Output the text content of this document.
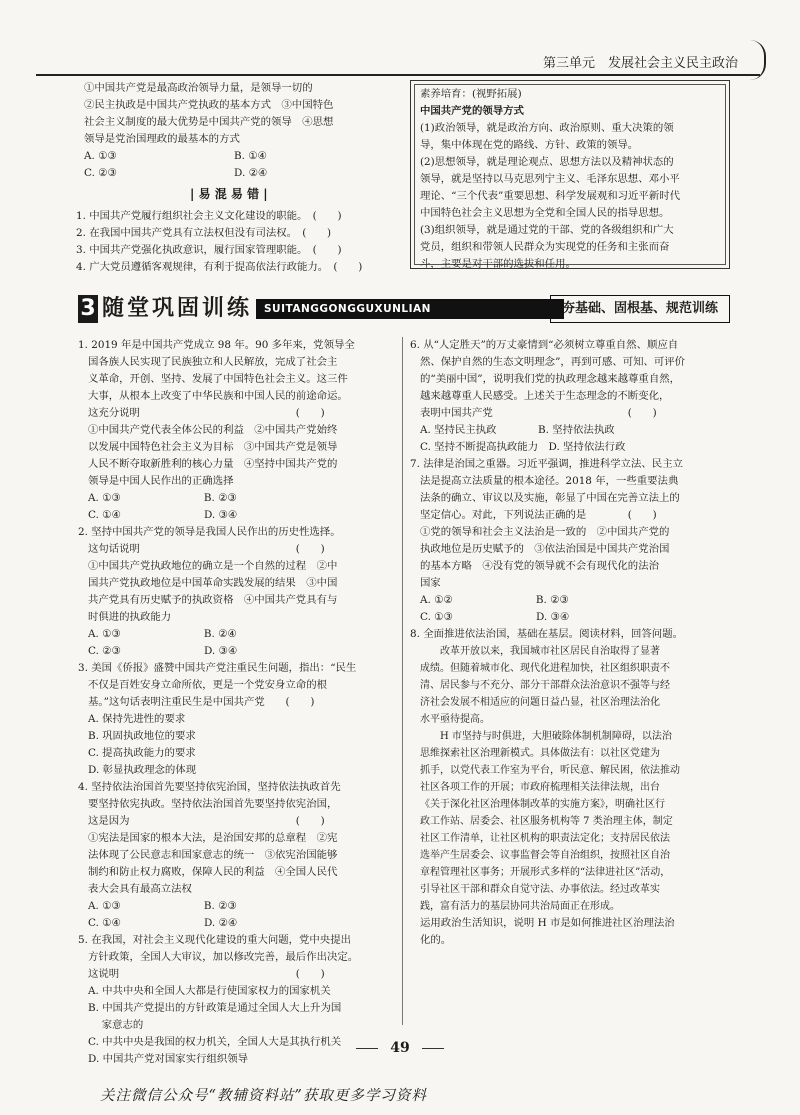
第三单元　发展社会主义民主政治
①中国共产党是最高政治领导力量，是领导一切的
②民主执政是中国共产党执政的基本方式　③中国特色
社会主义制度的最大优势是中国共产党的领导　④思想
领导是党治国理政的最基本的方式
A. ①③	B. ①④
C. ②③	D. ②④
| 易 混 易 错 |
1. 中国共产党履行组织社会主义文化建设的职能。　(　　)
2. 在我国中国共产党具有立法权但没有司法权。　(　　)
3. 中国共产党强化执政意识，履行国家管理职能。　(　　)
4. 广大党员遵循客观规律，有利于提高依法行政能力。　(　　)
素养培育：(视野拓展)
中国共产党的领导方式
(1)政治领导，就是政治方向、政治原则、重大决策的领
导，集中体现在党的路线、方针、政策的领导。
(2)思想领导，就是理论观点、思想方法以及精神状态的
领导，就是坚持以马克思列宁主义、毛泽东思想、邓小平
理论、“三个代表”重要思想、科学发展观和习近平新时代
中国特色社会主义思想为全党和全国人民的指导思想。
(3)组织领导，就是通过党的干部、党的各级组织和广大
党员，组织和带领人民群众为实现党的任务和主张而奋
斗，主要是对干部的选拔和任用。
3 随堂巩固训练	SUITANGGONGGUXUNLIAN	夯基础、固根基、规范训练
1. 2019 年是中国共产党成立 98 年。90 多年来，党领导全
国各族人民实现了民族独立和人民解放，完成了社会主
义革命，开创、坚持、发展了中国特色社会主义。这三件
大事，从根本上改变了中华民族和中国人民的前途命运。
这充分说明　　　　　　　　　　　　　　　(　　)
①中国共产党代表全体公民的利益　②中国共产党始终
以发展中国特色社会主义为目标　③中国共产党是领导
人民不断夺取新胜利的核心力量　④坚持中国共产党的
领导是中国人民作出的正确选择
A. ①③　　　　　　　　B. ②③
C. ①④　　　　　　　　D. ③④
2. 坚持中国共产党的领导是我国人民作出的历史性选择。
这句话说明　　　　　　　　　　　　　　　(　　)
①中国共产党执政地位的确立是一个自然的过程　②中
国共产党执政地位是中国革命实践发展的结果　③中国
共产党具有历史赋予的执政资格　④中国共产党具有与
时俱进的执政能力
A. ①③　　　　　　　　B. ②④
C. ②③　　　　　　　　D. ③④
3. 美国《侨报》盛赞中国共产党注重民生问题，指出：“民生
不仅是百姓安身立命所依，更是一个党安身立命的根
基。”这句话表明注重民生是中国共产党　　(　　)
A. 保持先进性的要求
B. 巩固执政地位的要求
C. 提高执政能力的要求
D. 彰显执政理念的体现
4. 坚持依法治国首先要坚持依宪治国，坚持依法执政首先
要坚持依宪执政。坚持依法治国首先要坚持依宪治国，
这是因为　　　　　　　　　　　　　　　　(　　)
①宪法是国家的根本大法，是治国安邦的总章程　②宪
法体现了公民意志和国家意志的统一　③依宪治国能够
制约和防止权力腐败，保障人民的利益　④全国人民代
表大会具有最高立法权
A. ①③　　　　　　　　B. ②③
C. ①④　　　　　　　　D. ②④
5. 在我国，对社会主义现代化建设的重大问题，党中央提出
方针政策，全国人大审议，加以修改完善，最后作出决定。
这说明　　　　　　　　　　　　　　　　　(　　)
A. 中共中央和全国人大都是行使国家权力的国家机关
B. 中国共产党提出的方针政策是通过全国人大上升为国
　 家意志的
C. 中共中央是我国的权力机关，全国人大是其执行机关
D. 中国共产党对国家实行组织领导
6. 从“人定胜天”的万丈豪情到“必须树立尊重自然、顺应自
然、保护自然的生态文明理念”，再到可感、可知、可评价
的“美丽中国”，说明我们党的执政理念越来越尊重自然，
越来越尊重人民感受。上述关于生态理念的不断变化，
表明中国共产党　　　　　　　　　　　　　(　　)
A. 坚持民主执政　　　　B. 坚持依法执政
C. 坚持不断提高执政能力　D. 坚持依法行政
7. 法律是治国之重器。习近平强调，推进科学立法、民主立
法是提高立法质量的根本途径。2018 年，一些重要法典
法条的确立、审议以及实施，彰显了中国在完善立法上的
坚定信心。对此，下列说法正确的是　　　　(　　)
①党的领导和社会主义法治是一致的　②中国共产党的
执政地位是历史赋予的　③依法治国是中国共产党治国
的基本方略　④没有党的领导就不会有现代化的法治
国家
A. ①②　　　　　　　　B. ②③
C. ①③　　　　　　　　D. ③④
8. 全面推进依法治国，基础在基层。阅读材料，回答问题。
　　改革开放以来，我国城市社区居民自治取得了显著
成绩。但随着城市化、现代化进程加快，社区组织职责不
清、居民参与不充分、部分干部群众法治意识不强等与经
济社会发展不相适应的问题日益凸显，社区治理法治化
水平亟待提高。
　　H 市坚持与时俱进，大胆破除体制机制障碍，以法治
思维探索社区治理新模式。具体做法有：以社区党建为
抓手，以党代表工作室为平台，听民意、解民困，依法推动
社区各项工作的开展；市政府梳理相关法律法规，出台
《关于深化社区治理体制改革的实施方案》，明确社区行
政工作站、居委会、社区服务机构等 7 类治理主体，制定
社区工作清单，让社区机构的职责法定化；支持居民依法
选举产生居委会、议事监督会等自治组织，按照社区自治
章程管理社区事务；开展形式多样的“法律进社区”活动，
引导社区干部和群众自觉守法、办事依法。经过改革实
践，富有活力的基层协同共治局面正在形成。
运用政治生活知识，说明 H 市是如何推进社区治理法治
化的。
49
关注微信公众号“教辅资料站”获取更多学习资料
